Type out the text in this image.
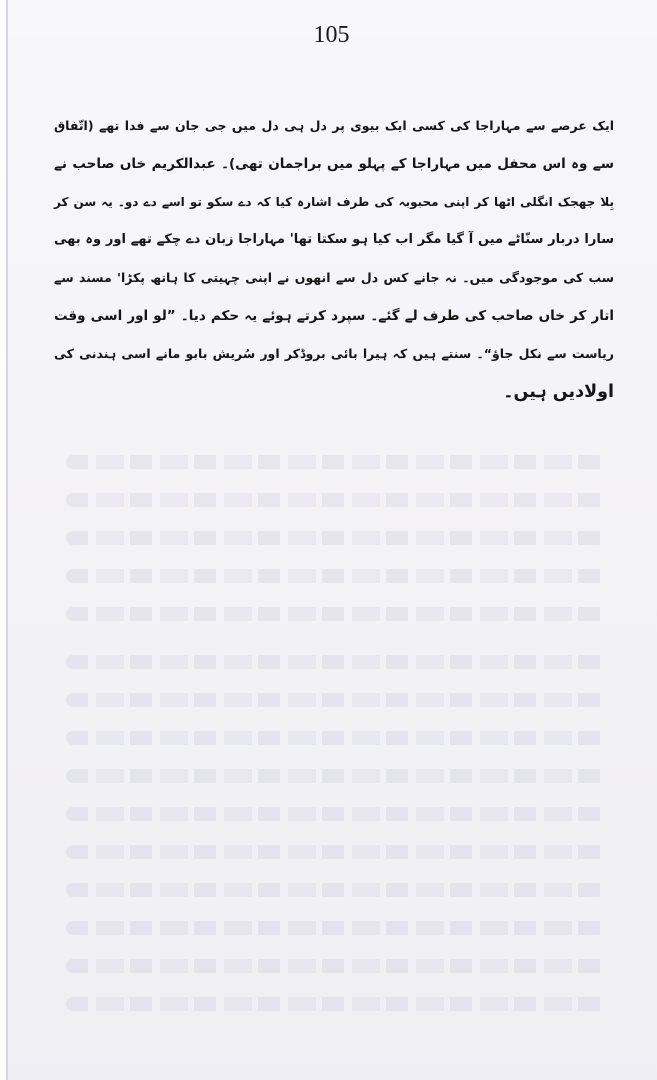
105
ایک عرصے سے مہاراجا کی کسی ایک بیوی پر دل ہی دل میں جی جان سے فدا تھے (اتّفاق
سے وہ اس محفل میں مہاراجا کے پہلو میں براجمان تھی)۔ عبدالکریم خاں صاحب نے
بِلا جھجک انگلی اٹھا کر اپنی محبوبہ کی طرف اشارہ کیا کہ دے سکو تو اسے دے دو۔ یہ سن کر
سارا دربار سنّاٹے میں آ گیا مگر اب کیا ہو سکتا تھا' مہاراجا زبان دے چکے تھے اور وہ بھی
سب کی موجودگی میں۔ نہ جانے کس دل سے انھوں نے اپنی چہیتی کا ہاتھ پکڑا' مسند سے
اتار کر خاں صاحب کی طرف لے گئے۔ سپرد کرتے ہوئے یہ حکم دیا۔ ”لو اور اسی وقت
ریاست سے نکل جاؤ“۔ سنتے ہیں کہ ہیرا بائی بروڈکر اور سُریش بابو مانے اسی ہندنی کی
اولادیں ہیں۔
